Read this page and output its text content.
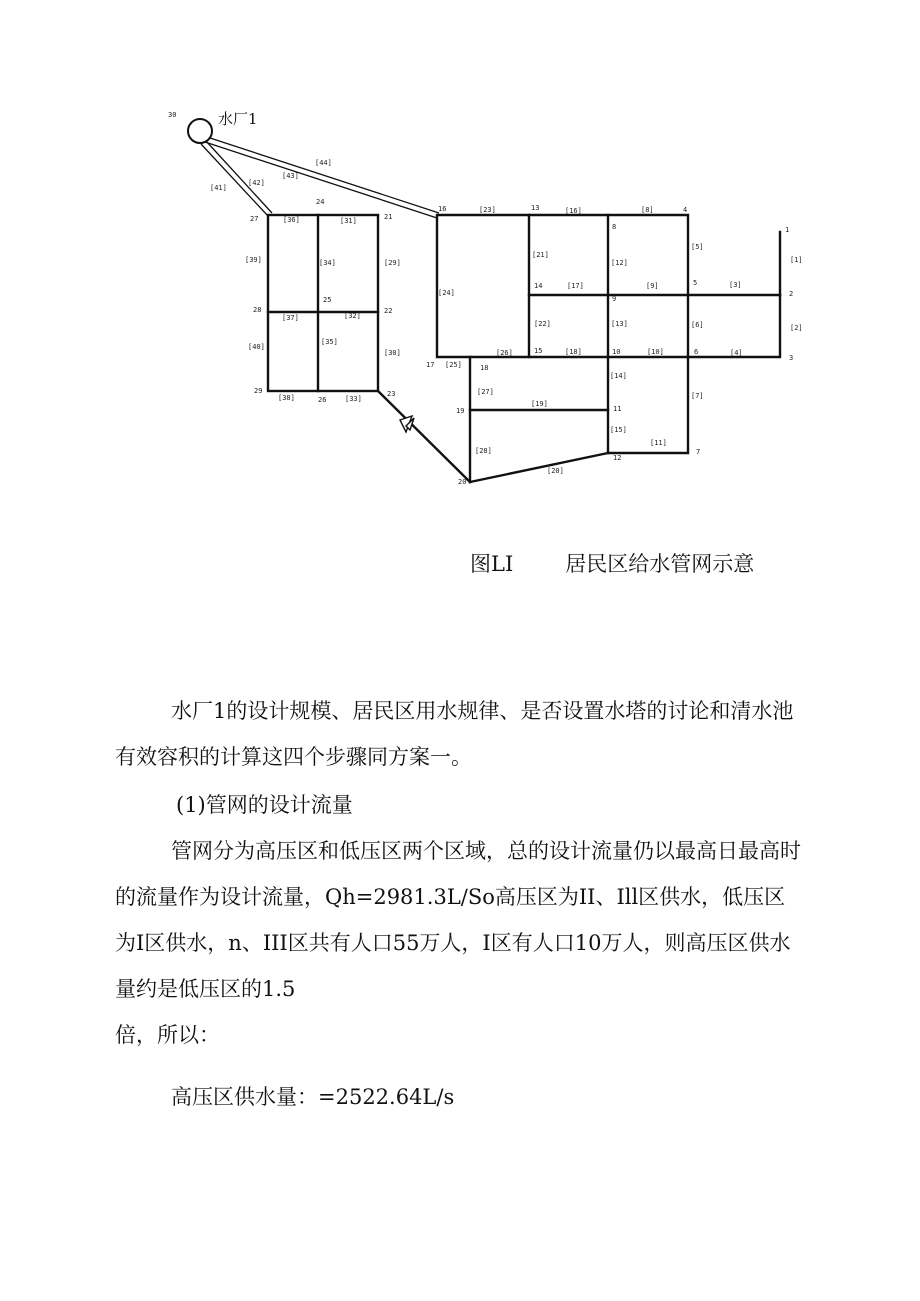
水厂1
1
2
3
4
5
6
7
8
9
10
11
12
13
14
15
16
17	18
19
20
21
22
23
24
25
26
27
28
29
30
[1]
[2]
[3]
[4]
[5]
[6]
[7]
[8]
[9]
[10]
[11]
[12]
[13]
[14]
[15]
[16]
[17]
[18]
[19]
[20]
[21]
[22]
[23]
[24]
[25]
[26]
[27]
[28]
[29]
[30]
[31]
[32]
[33]
[34]
[35]
[36]
[37]
[38]
[39]
[40]
[41]
[42]
[43]
[44]
图LI 居民区给水管网示意

水厂1的设计规模、居民区用水规律、是否设置水塔的讨论和清水池有效容积的计算这四个步骤同方案一。

(1)管网的设计流量

管网分为高压区和低压区两个区域，总的设计流量仍以最高日最高时的流量作为设计流量，Qh=2981.3L∕So高压区为II、Ill区供水，低压区为I区供水，n、III区共有人口55万人，I区有人口10万人，则高压区供水量约是低压区的1.5

倍，所以：

高压区供水量：=2522.64L/s
